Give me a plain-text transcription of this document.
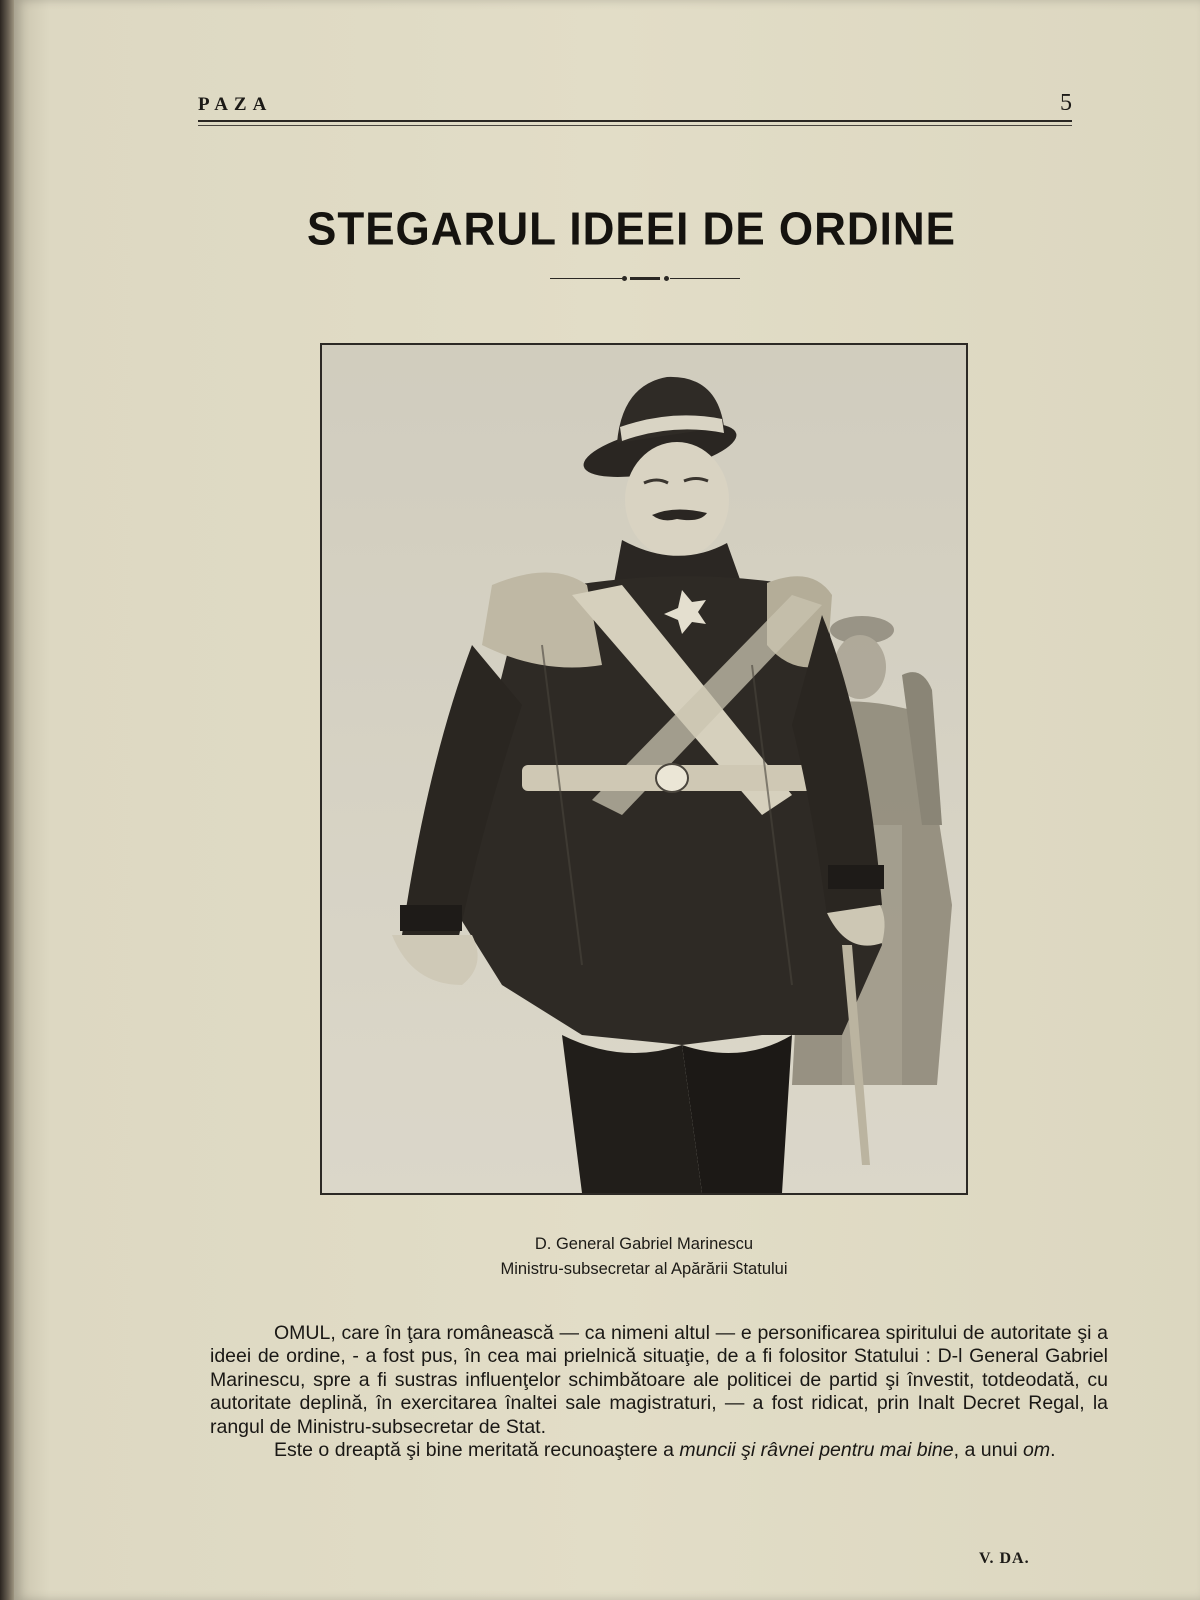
PAZA	5
STEGARUL IDEEI DE ORDINE
D. General Gabriel Marinescu
Ministru-subsecretar al Apărării Statului

OMUL, care în ţara românească — ca nimeni altul — e personificarea spiritului de autoritate şi a ideei de ordine, - a fost pus, în cea mai prielnică situaţie, de a fi folositor Statului : D-l General Gabriel Marinescu, spre a fi sustras influenţelor schimbătoare ale politicei de partid şi învestit, totdeodată, cu autoritate deplină, în exercitarea înaltei sale magistraturi, — a fost ridicat, prin Inalt Decret Regal, la rangul de Ministru-subsecretar de Stat.

Este o dreaptă şi bine meritată recunoaştere a muncii şi râvnei pentru mai bine, a unui om.

V. DA.
